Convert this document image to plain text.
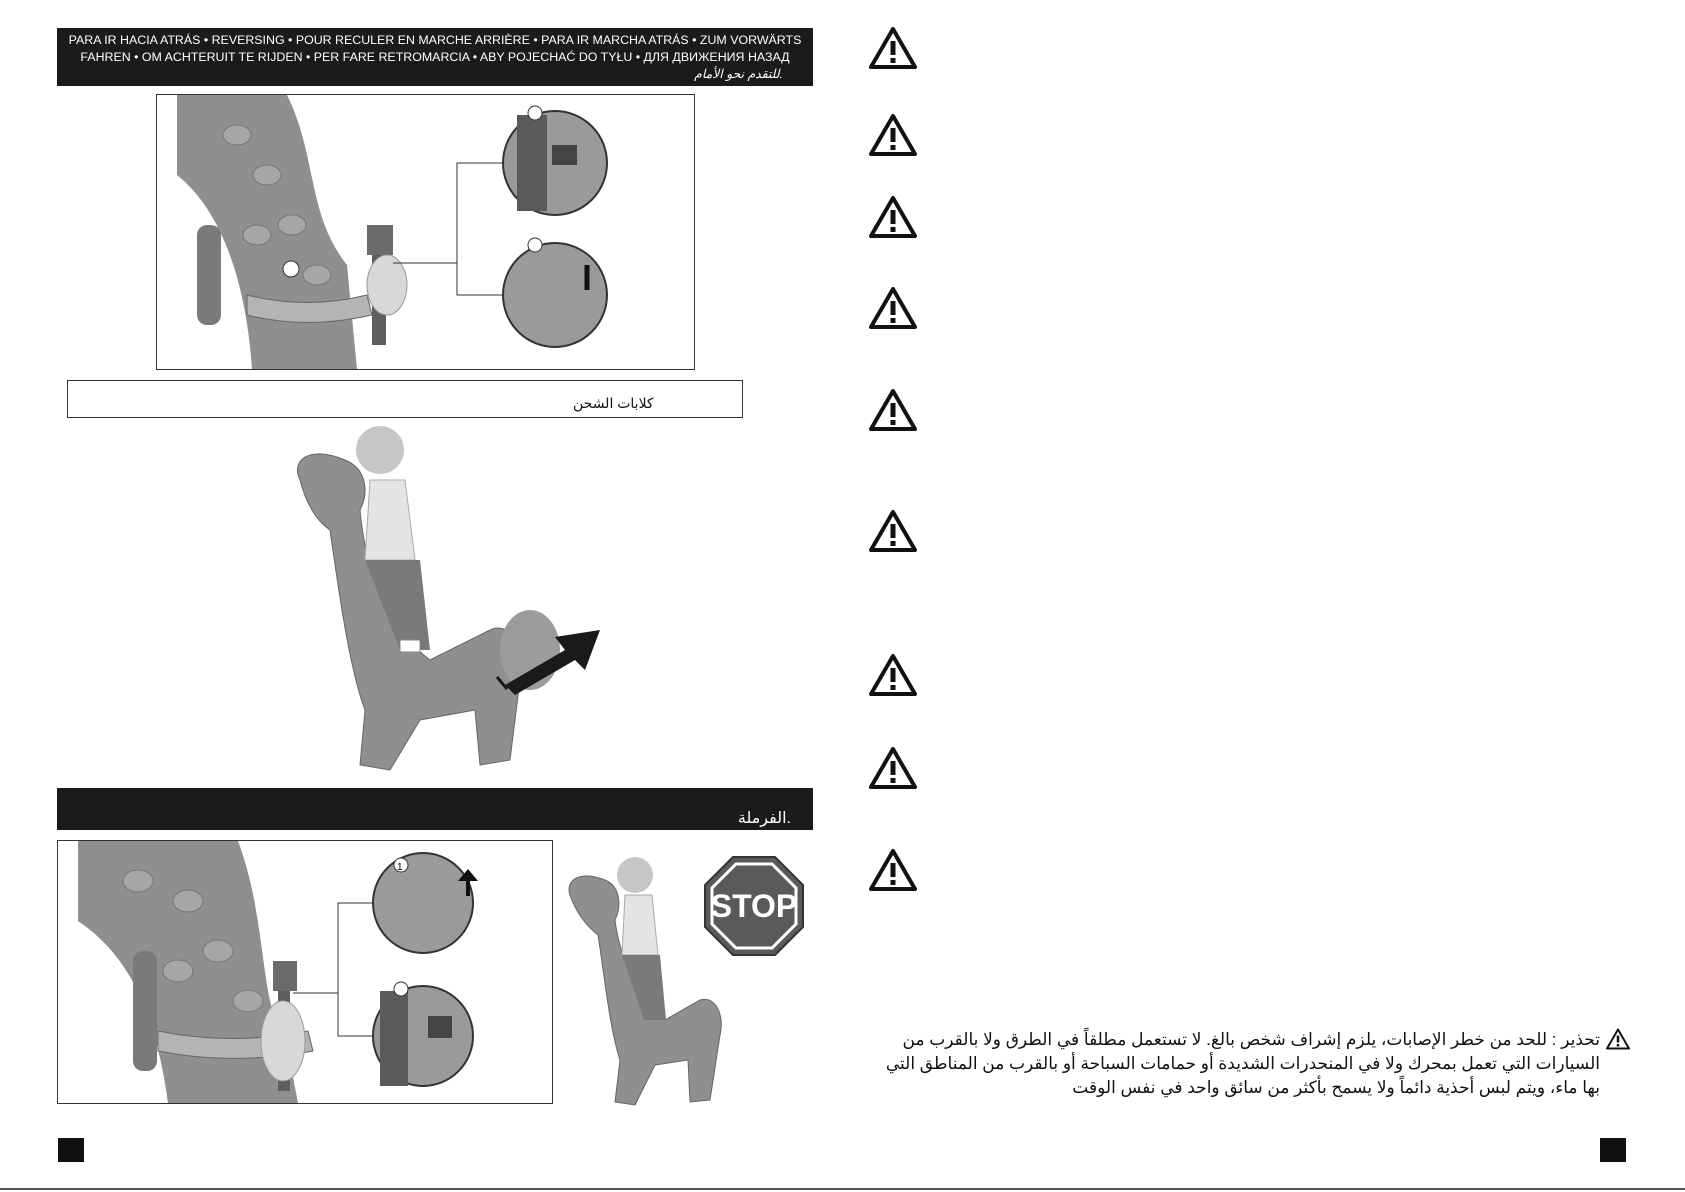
PARA IR HACIA ATRÁS • REVERSING • POUR RECULER EN MARCHE ARRIÈRE • PARA IR MARCHA ATRÁS • ZUM VORWÄRTS
FAHREN • OM ACHTERUIT TE RIJDEN • PER FARE RETROMARCIA • ABY POJECHAĆ DO TYŁU • ДЛЯ ДВИЖЕНИЯ НАЗАД
للتقدم نحو الأمام.
كلابات الشحن
الفرملة.
1
STOP
تحذير : للحد من خطر الإصابات، يلزم إشراف شخص بالغ. لا تستعمل مطلقاً في الطرق ولا بالقرب من السيارات التي تعمل بمحرك ولا في المنحدرات الشديدة أو حمامات السباحة أو بالقرب من المناطق التي بها ماء، ويتم لبس أحذية دائماً ولا يسمح بأكثر من سائق واحد في نفس الوقت
